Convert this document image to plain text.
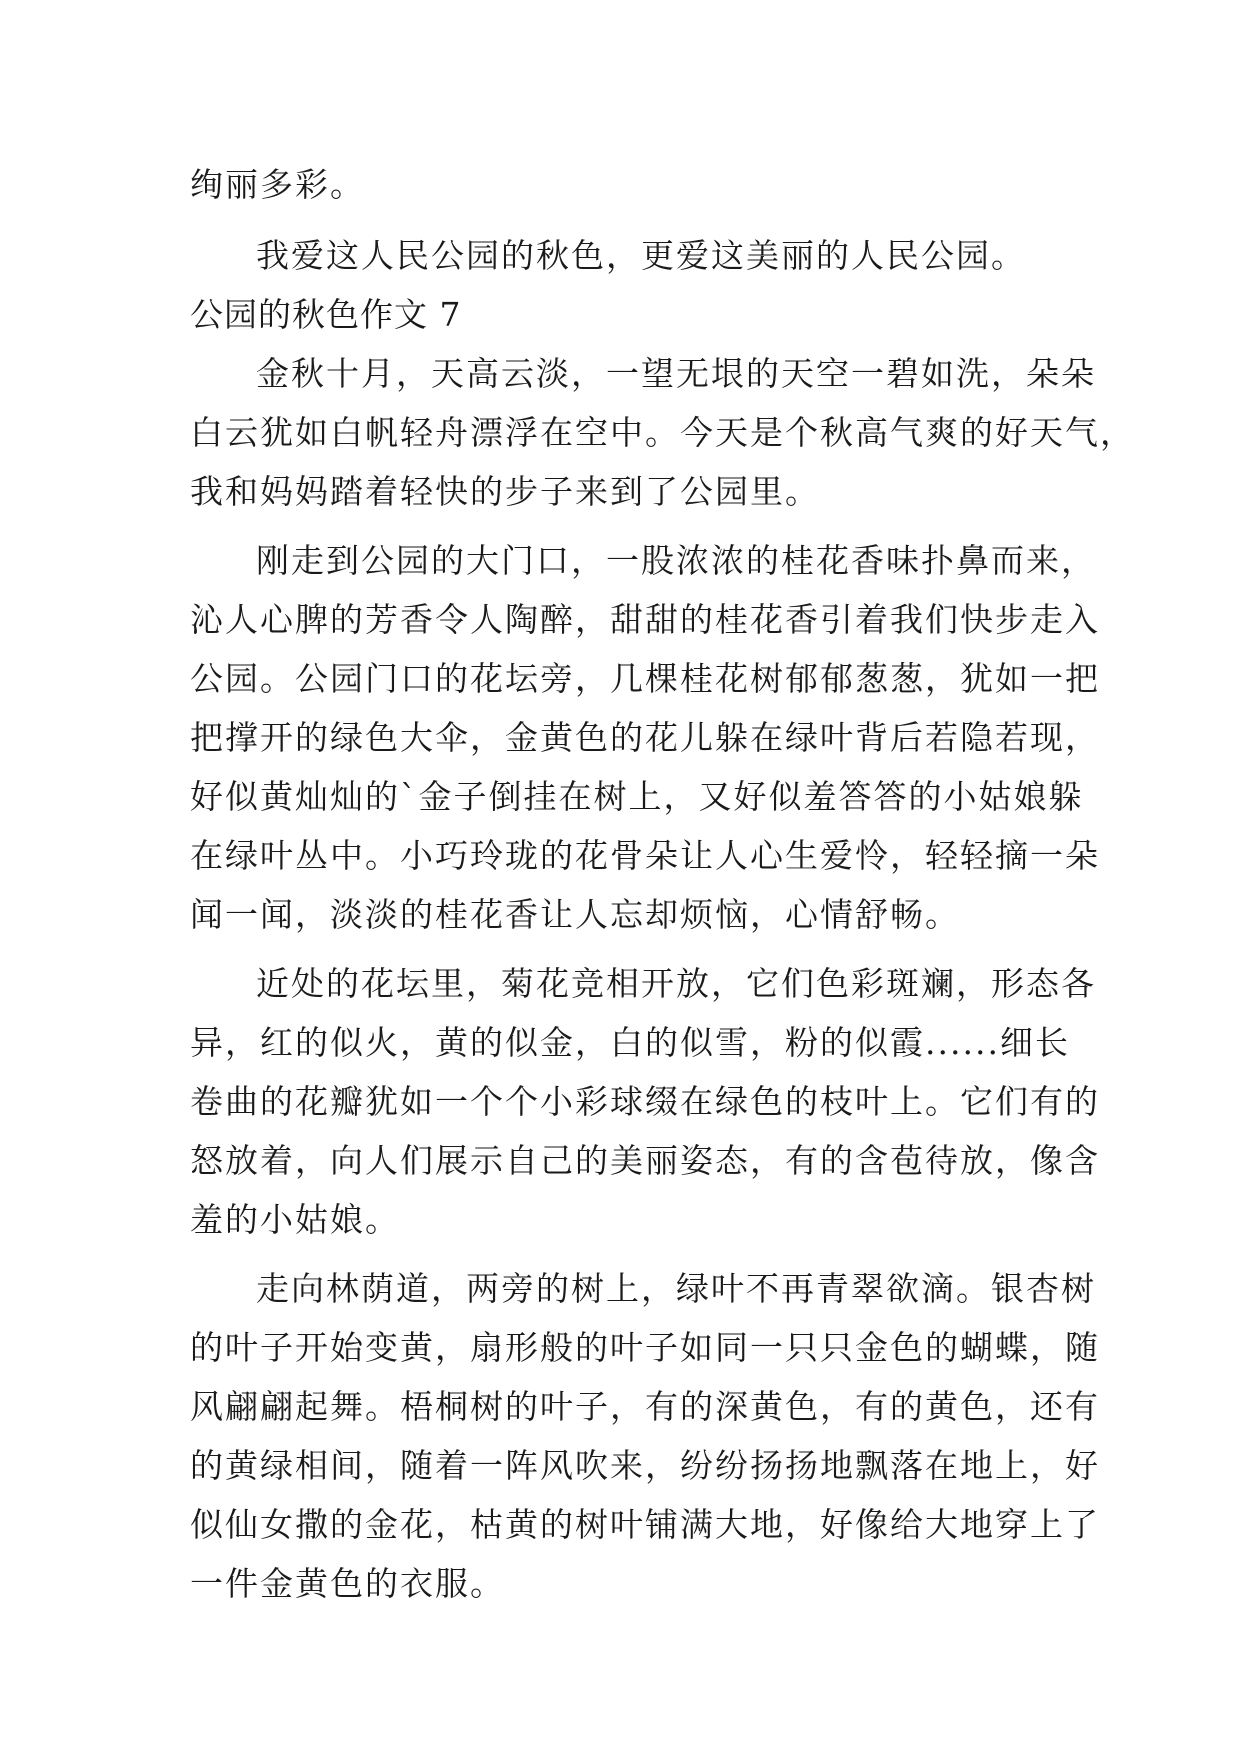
绚丽多彩。
我爱这人民公园的秋色，更爱这美丽的人民公园。
公园的秋色作文 7
金秋十月，天高云淡，一望无垠的天空一碧如洗，朵朵
白云犹如白帆轻舟漂浮在空中。今天是个秋高气爽的好天气，
我和妈妈踏着轻快的步子来到了公园里。
刚走到公园的大门口，一股浓浓的桂花香味扑鼻而来，
沁人心脾的芳香令人陶醉，甜甜的桂花香引着我们快步走入
公园。公园门口的花坛旁，几棵桂花树郁郁葱葱，犹如一把
把撑开的绿色大伞，金黄色的花儿躲在绿叶背后若隐若现，
好似黄灿灿的`金子倒挂在树上，又好似羞答答的小姑娘躲
在绿叶丛中。小巧玲珑的花骨朵让人心生爱怜，轻轻摘一朵
闻一闻，淡淡的桂花香让人忘却烦恼，心情舒畅。
近处的花坛里，菊花竞相开放，它们色彩斑斓，形态各
异，红的似火，黄的似金，白的似雪，粉的似霞......细长
卷曲的花瓣犹如一个个小彩球缀在绿色的枝叶上。它们有的
怒放着，向人们展示自己的美丽姿态，有的含苞待放，像含
羞的小姑娘。
走向林荫道，两旁的树上，绿叶不再青翠欲滴。银杏树
的叶子开始变黄，扇形般的叶子如同一只只金色的蝴蝶，随
风翩翩起舞。梧桐树的叶子，有的深黄色，有的黄色，还有
的黄绿相间，随着一阵风吹来，纷纷扬扬地飘落在地上，好
似仙女撒的金花，枯黄的树叶铺满大地，好像给大地穿上了
一件金黄色的衣服。
